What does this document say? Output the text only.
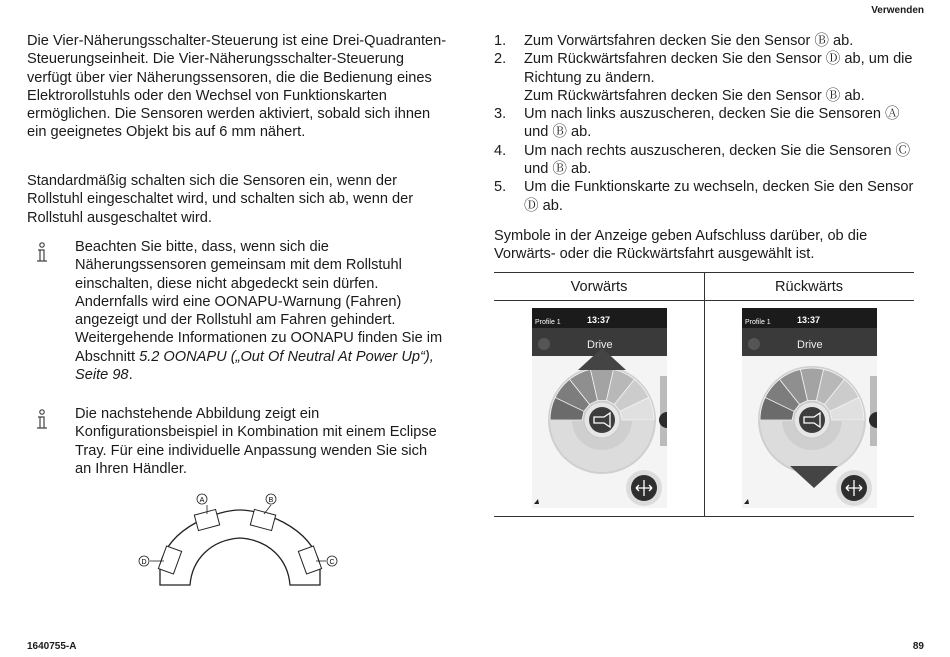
Verwenden

Die Vier-Näherungsschalter-Steuerung ist eine Drei-Quadranten-Steuerungseinheit. Die Vier-Näherungsschalter-Steuerung verfügt über vier Näherungssensoren, die die Bedienung eines Elektrorollstuhls oder den Wechsel von Funktionskarten ermöglichen. Die Sensoren werden aktiviert, sobald sich ihnen ein geeignetes Objekt bis auf 6 mm nähert.

Standardmäßig schalten sich die Sensoren ein, wenn der Rollstuhl eingeschaltet wird, und schalten sich ab, wenn der Rollstuhl ausgeschaltet wird.

Beachten Sie bitte, dass, wenn sich die Näherungssensoren gemeinsam mit dem Rollstuhl einschalten, diese nicht abgedeckt sein dürfen. Andernfalls wird eine OONAPU-Warnung (Fahren) angezeigt und der Rollstuhl am Fahren gehindert. Weitergehende Informationen zu OONAPU finden Sie im Abschnitt 5.2 OONAPU („Out Of Neutral At Power Up“), Seite 98.

Die nachstehende Abbildung zeigt ein Konfigurationsbeispiel in Kombination mit einem Eclipse Tray. Für eine individuelle Anpassung wenden Sie sich an Ihren Händler.

A	B
D	C
1. Zum Vorwärtsfahren decken Sie den Sensor Ⓑ ab.
2. Zum Rückwärtsfahren decken Sie den Sensor Ⓓ ab, um die Richtung zu ändern.
Zum Rückwärtsfahren decken Sie den Sensor Ⓑ ab.
3. Um nach links auszuscheren, decken Sie die Sensoren Ⓐ und Ⓑ ab.
4. Um nach rechts auszuscheren, decken Sie die Sensoren Ⓒ und Ⓑ ab.
5. Um die Funktionskarte zu wechseln, decken Sie den Sensor Ⓓ ab.

Symbole in der Anzeige geben Aufschluss darüber, ob die Vorwärts- oder die Rückwärtsfahrt ausgewählt ist.

Vorwärts	Rückwärts
Profile 1	13:37
Drive
Profile 1	13:37
Drive
1640755-A	89
